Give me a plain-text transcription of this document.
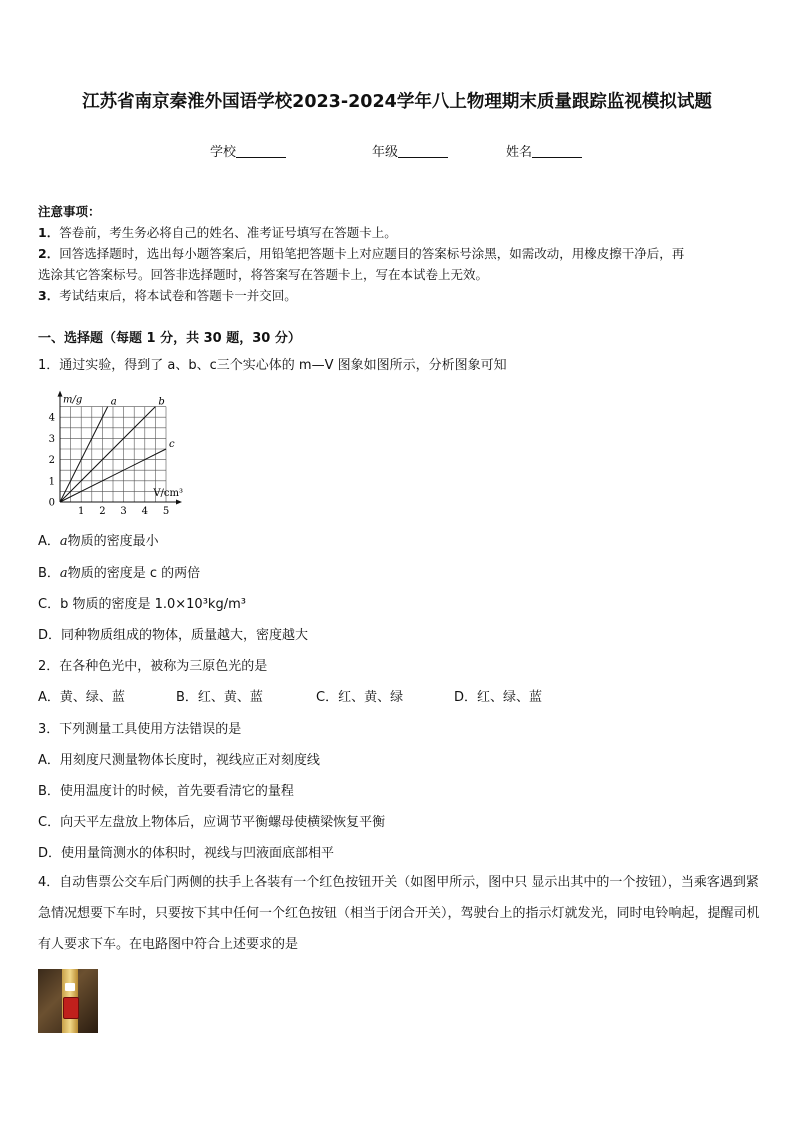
江苏省南京秦淮外国语学校2023-2024学年八上物理期末质量跟踪监视模拟试题
学校	年级	姓名
注意事项：
1．答卷前，考生务必将自己的姓名、准考证号填写在答题卡上。
2．回答选择题时，选出每小题答案后，用铅笔把答题卡上对应题目的答案标号涂黑，如需改动，用橡皮擦干净后，再
选涂其它答案标号。回答非选择题时，将答案写在答题卡上，写在本试卷上无效。
3．考试结束后，将本试卷和答题卡一并交回。
一、选择题（每题 1 分，共 30 题，30 分）
1．通过实验，得到了 a、b、c三个实心体的 m—V 图象如图所示，分析图象可知
a	b
c
1 2 3 4 5
0
1
2
3
4
m/g
V/cm³
A．a物质的密度最小
B．a物质的密度是 c 的两倍
C．b 物质的密度是 1.0×10³kg/m³
D．同种物质组成的物体，质量越大，密度越大
2．在各种色光中，被称为三原色光的是
A．黄、绿、蓝	B．红、黄、蓝	C．红、黄、绿	D．红、绿、蓝
3．下列测量工具使用方法错误的是
A．用刻度尺测量物体长度时，视线应正对刻度线
B．使用温度计的时候，首先要看清它的量程
C．向天平左盘放上物体后，应调节平衡螺母使横梁恢复平衡
D．使用量筒测水的体积时，视线与凹液面底部相平
4．自动售票公交车后门两侧的扶手上各装有一个红色按钮开关（如图甲所示，图中只 显示出其中的一个按钮），当乘客遇到紧急情况想要下车时，只要按下其中任何一个红色按钮（相当于闭合开关），驾驶台上的指示灯就发光，同时电铃响起，提醒司机有人要求下车。在电路图中符合上述要求的是
